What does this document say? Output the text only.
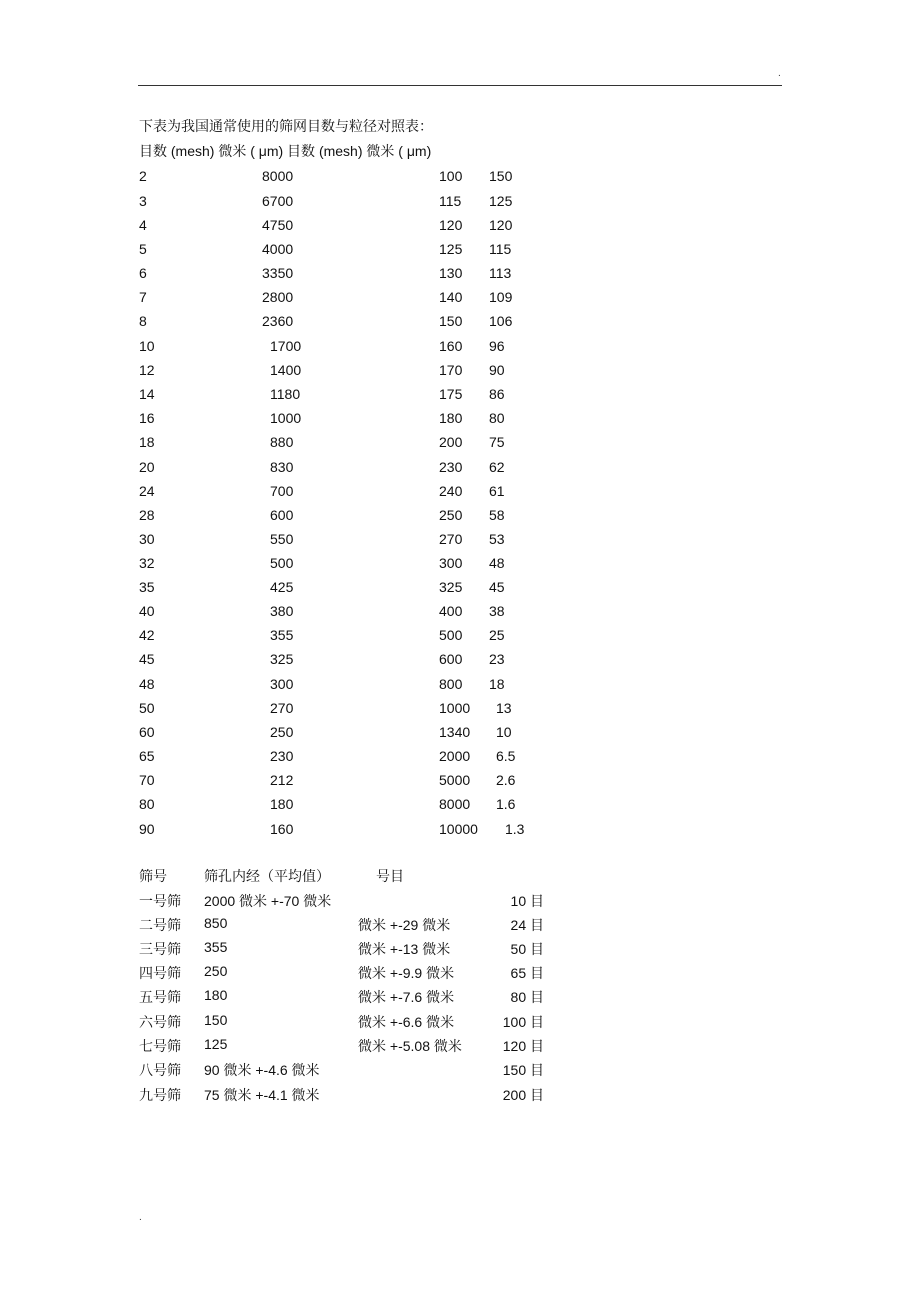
.
下表为我国通常使用的筛网目数与粒径对照表：
目数 (mesh) 微米 ( μm) 目数 (mesh) 微米 ( μm)
2	8000	100 150
3	6700	115 125
4	4750	120 120
5	4000	125 115
6	3350	130 113
7	2800	140 109
8	2360	150 106
10	1700	160 96
12	1400	170 90
14	1180	175 86
16	1000	180 80
18	880	200 75
20	830	230 62
24	700	240 61
28	600	250 58
30	550	270 53
32	500	300 48
35	425	325 45
40	380	400 38
42	355	500 25
45	325	600 23
48	300	800 18
50	270	1000 13
60	250	1340 10
65	230	2000 6.5
70	212	5000 2.6
80	180	8000 1.6
90	160	10000 1.3
筛号	筛孔内经（平均值）	号目
一号筛 2000 微米 +-70 微米	10 目
二号筛 850	微米 +-29 微米	24 目
三号筛 355	微米 +-13 微米	50 目
四号筛 250	微米 +-9.9 微米	65 目
五号筛 180	微米 +-7.6 微米	80 目
六号筛 150	微米 +-6.6 微米	100 目
七号筛 125	微米 +-5.08 微米	120 目
八号筛 90 微米 +-4.6 微米	150 目
九号筛 75 微米 +-4.1 微米	200 目
.
